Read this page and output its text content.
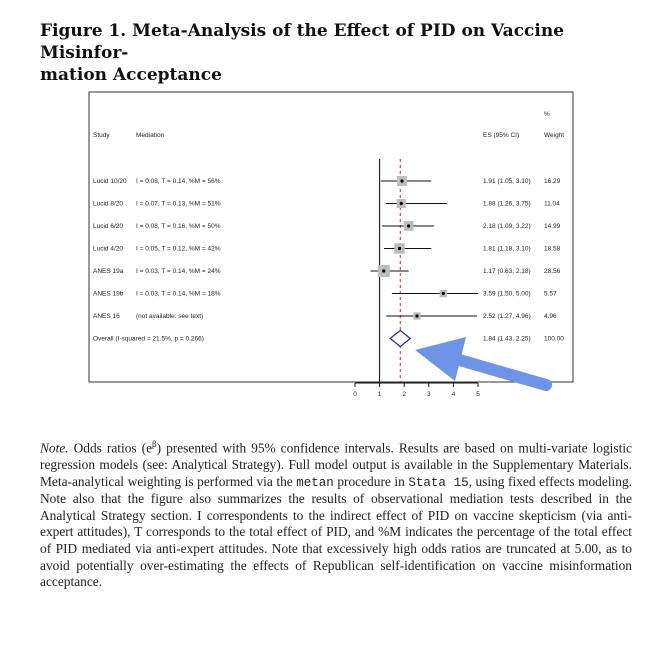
Figure 1. Meta-Analysis of the Effect of PID on Vaccine Misinfor-
mation Acceptance
Study	Mediation	ES (95% CI)
%
Weight
Lucid 10/20 I = 0.08, T = 0.14, %M = 56%	1.91 (1.05, 3.10) 16.29
Lucid 8/20 I = 0.07, T = 0.13, %M = 51%	1.88 (1.26, 3.75) 11.04
Lucid 6/20 I = 0.08, T = 0.16, %M = 50%	2.18 (1.09, 3.22) 14.99
Lucid 4/20 I = 0.05, T = 0.12, %M = 42%	1.81 (1.18, 3.10) 18.58
ANES 19a I = 0.03, T = 0.14, %M = 24%	1.17 (0.63, 2.18) 28.56
ANES 19b I = 0.03, T = 0.14, %M = 18%	3.59 (1.50, 5.00) 5.57
ANES 16	(not available: see text)	2.52 (1.27, 4.96) 4.96
Overall (I-squared = 21.5%, p = 0.266)	1.84 (1.43, 2.25) 100.00
0	1	2	3	4	5
Note. Odds ratios $(e^\beta)$ presented with 95% confidence intervals. Results are based on multi-variate logistic regression models (see: Analytical Strategy). Full model output is available in the Supplementary Materials. Meta-analytical weighting is performed via the metan procedure in Stata 15, using fixed effects modeling. Note also that the figure also summarizes the results of observational mediation tests described in the Analytical Strategy section. I correspondents to the indirect effect of PID on vaccine skepticism (via anti-expert attitudes), T corresponds to the total effect of PID, and %M indicates the percentage of the total effect of PID mediated via anti-expert attitudes. Note that excessively high odds ratios are truncated at 5.00, as to avoid potentially over-estimating the effects of Republican self-identification on vaccine misinformation acceptance.
